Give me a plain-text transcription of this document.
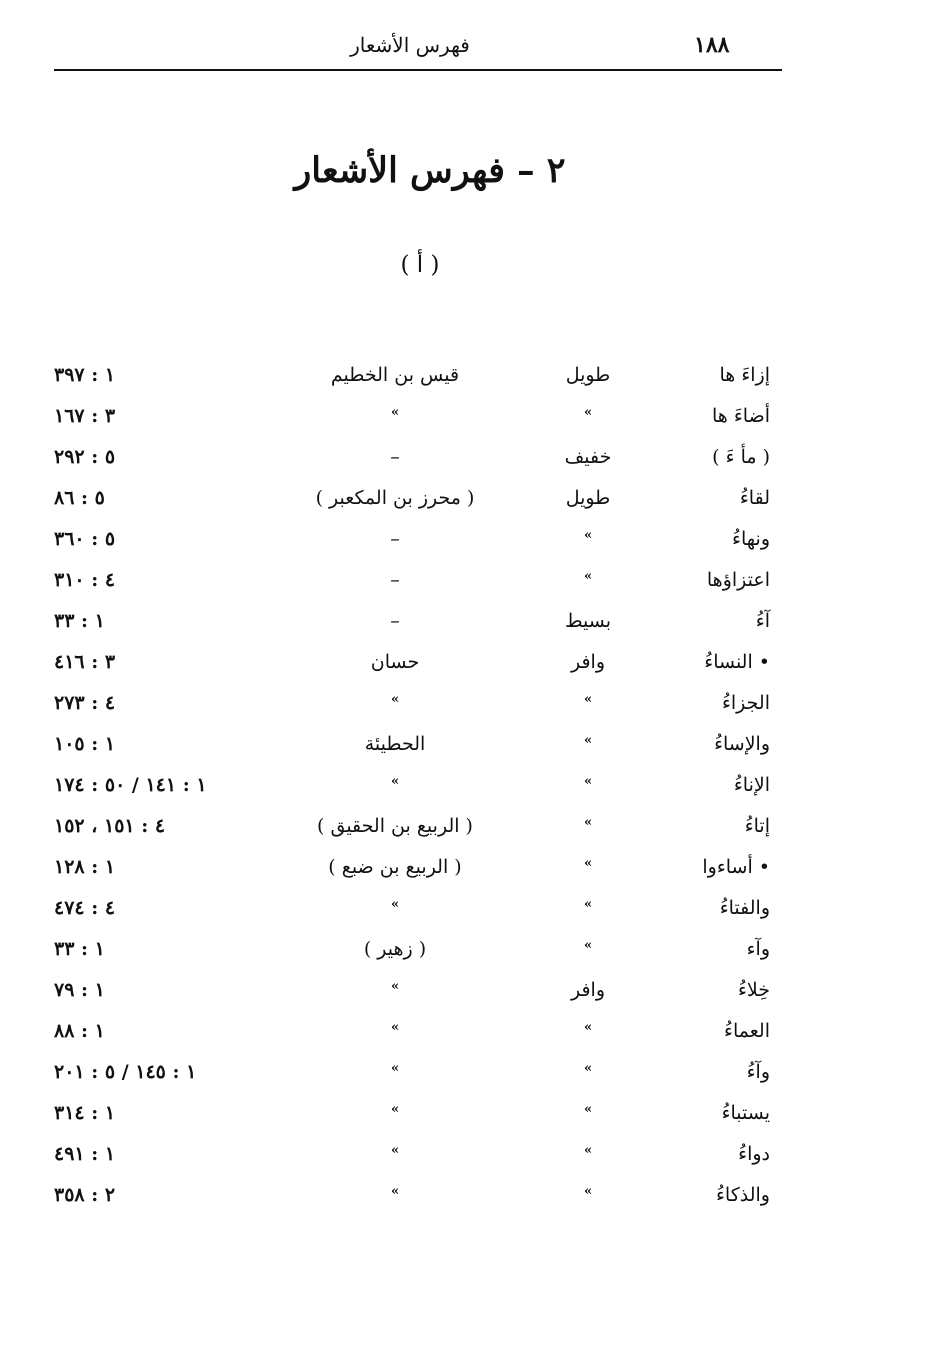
١٨٨
فهرس الأشعار
٢ – فهرس الأشعار
( أ )
إزاءَ ها
طويل
قيس بن الخطيم
١ : ٣٩٧
أضاءَ ها
»
»
٣ : ١٦٧
( مأ ءَ )
خفيف
–
٥ : ٢٩٢
لقاءُ
طويل
( محرز بن المكعبر )
٥ : ٨٦
ونهاءُ
»
–
٥ : ٣٦٠
اعتزاؤها
»
–
٤ : ٣١٠
آءُ
بسيط
–
١ : ٣٣
• النساءُ
وافر
حسان
٣ : ٤١٦
الجزاءُ
»
»
٤ : ٢٧٣
والإساءُ
»
الحطيئة
١ : ١٠٥
الإناءُ
»
»
١ : ١٤١ / ٥٠ : ١٧٤
إتاءُ
»
( الربيع بن الحقيق )
٤ : ١٥١ ، ١٥٢
• أساءوا
»
( الربيع بن ضبع )
١ : ١٢٨
والفتاءُ
»
»
٤ : ٤٧٤
وآء
»
( زهير )
١ : ٣٣
خِلاءُ
وافر
»
١ : ٧٩
العماءُ
»
»
١ : ٨٨
وآءُ
»
»
١ : ١٤٥ / ٥ : ٢٠١
يستباءُ
»
»
١ : ٣١٤
دواءُ
»
»
١ : ٤٩١
والذكاءُ
»
»
٢ : ٣٥٨
